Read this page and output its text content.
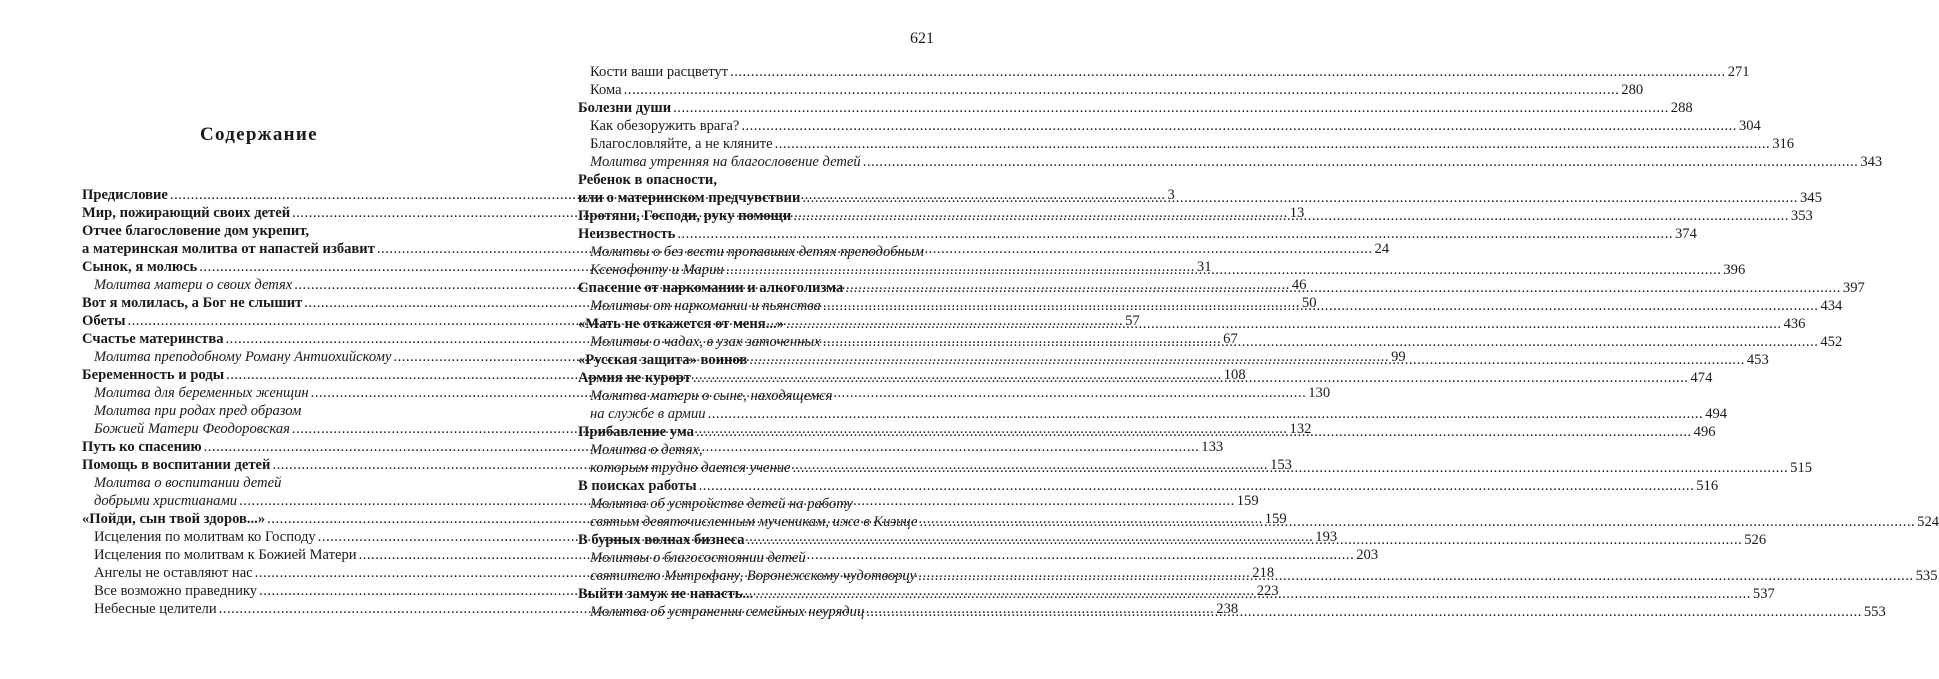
Содержание
Предисловие .....	3
Мир, пожирающий своих детей .....	13
Отчее благословение дом укрепит,
а материнская молитва от напастей избавит .....	24
Сынок, я молюсь .....	31
Молитва матери о своих детях .....	46
Вот я молилась, а Бог не слышит .....	50
Обеты .....	57
Счастье материнства .....	67
Молитва преподобному Роману Антиохийскому .....	99
Беременность и роды .....	108
Молитва для беременных женщин .....	130
Молитва при родах пред образом
Божией Матери Феодоровская .....	132
Путь ко спасению .....	133
Помощь в воспитании детей .....	153
Молитва о воспитании детей
добрыми христианами .....	159
«Пойди, сын твой здоров...» .....	159
Исцеления по молитвам ко Господу .....	193
Исцеления по молитвам к Божией Матери .....	203
Ангелы не оставляют нас .....	218
Все возможно праведнику .....	223
Небесные целители .....	238
621
Кости ваши расцветут .....	271
Кома .....	280
Болезни души .....	288
Как обезоружить врага? .....	304
Благословляйте, а не кляните .....	316
Молитва утренняя на благословение детей .....	343
Ребенок в опасности,
или о материнском предчувствии .....	345
Протяни, Господи, руку помощи .....	353
Неизвестность .....	374
Молитвы о без вести пропавших детях преподобным
Ксенофонту и Марии .....	396
Спасение от наркомании и алкоголизма .....	397
Молитвы от наркомании и пьянства .....	434
«Мать не откажется от меня...» .....	436
Молитвы о чадах, в узах заточенных .....	452
«Русская защита» воинов .....	453
Армия не курорт .....	474
Молитва матери о сыне, находящемся
на службе в армии .....	494
Прибавление ума .....	496
Молитва о детях,
которым трудно дается учение .....	515
В поисках работы .....	516
Молитва об устройстве детей на работу
святым девяточисленным мученикам, иже в Кизице .....	524
В бурных волнах бизнеса .....	526
Молитвы о благосостоянии детей
святителю Митрофану, Воронежскому чудотворцу .....	535
Выйти замуж не напасть... .....	537
Молитва об устранении семейных неурядиц .....	553
